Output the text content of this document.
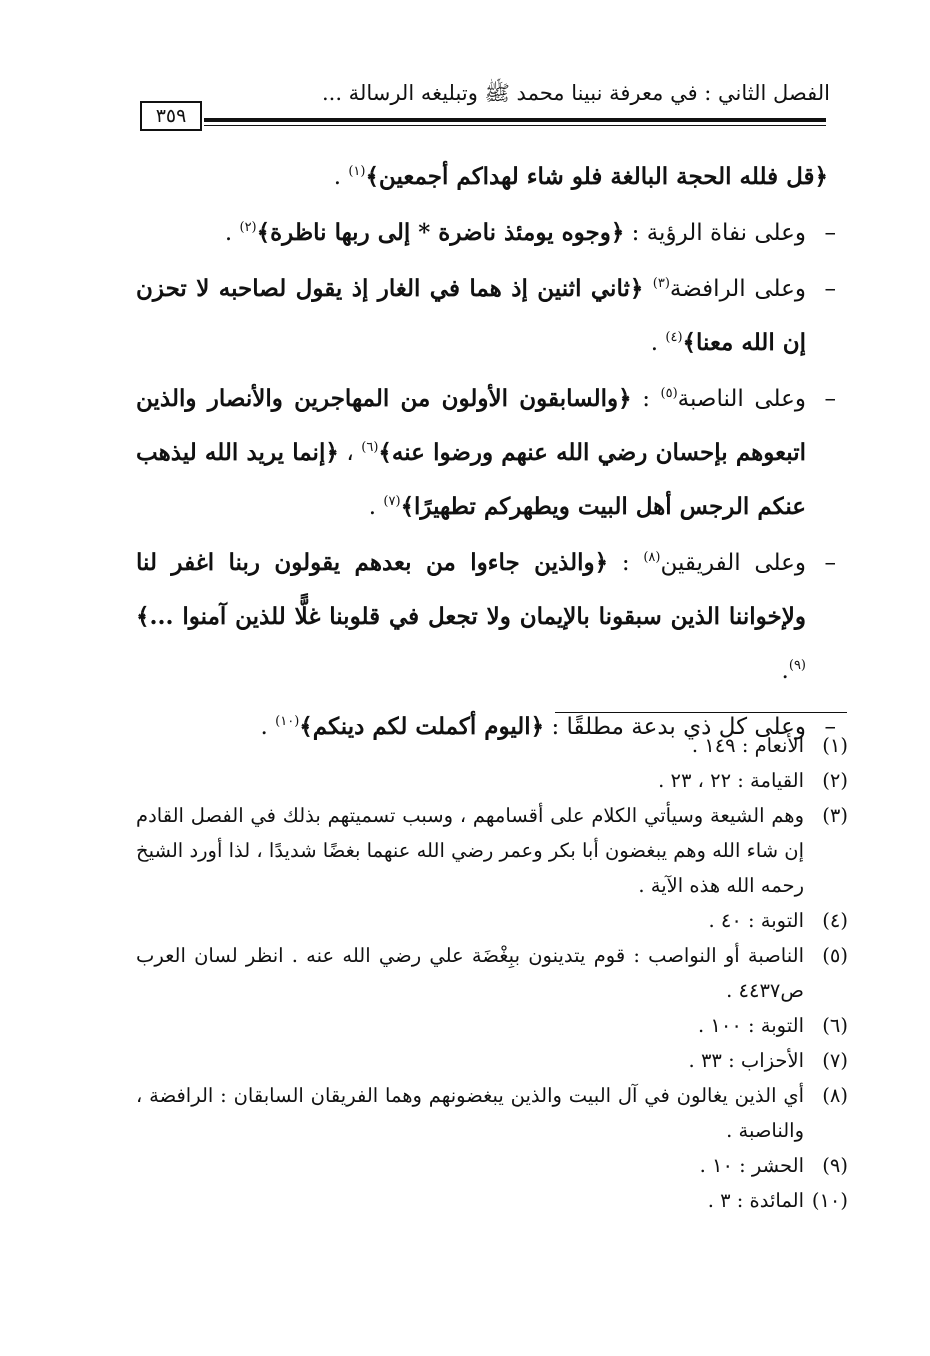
الفصل الثاني : في معرفة نبينا محمد ﷺ وتبليغه الرسالة ...
٣٥٩

﴿قل فلله الحجة البالغة فلو شاء لهداكم أجمعين﴾$^{(١)}$ .

–
وعلى نفاة الرؤية : ﴿وجوه يومئذ ناضرة * إلى ربها ناظرة﴾$^{(٢)}$ .

–
وعلى الرافضة$^{(٣)}$ ﴿ثاني اثنين إذ هما في الغار إذ يقول لصاحبه لا تحزن إن الله معنا﴾$^{(٤)}$ .

–
وعلى الناصبة$^{(٥)}$ : ﴿والسابقون الأولون من المهاجرين والأنصار والذين اتبعوهم بإحسان رضي الله عنهم ورضوا عنه﴾$^{(٦)}$ ، ﴿إنما يريد الله ليذهب عنكم الرجس أهل البيت ويطهركم تطهيرًا﴾$^{(٧)}$ .

–
وعلى الفريقين$^{(٨)}$ : ﴿والذين جاءوا من بعدهم يقولون ربنا اغفر لنا ولإخواننا الذين سبقونا بالإيمان ولا تجعل في قلوبنا غلًّا للذين آمنوا ...﴾$^{(٩)}$.

–
وعلى كل ذي بدعة مطلقًا : ﴿اليوم أكملت لكم دينكم﴾$^{(١٠)}$ .

(١)
الأنعام : ١٤٩ .

(٢)
القيامة : ٢٢ ، ٢٣ .

(٣)
وهم الشيعة وسيأتي الكلام على أقسامهم ، وسبب تسميتهم بذلك في الفصل القادم إن شاء الله وهم يبغضون أبا بكر وعمر رضي الله عنهما بغضًا شديدًا ، لذا أورد الشيخ رحمه الله هذه الآية .

(٤)
التوبة : ٤٠ .

(٥)
الناصبة أو النواصب : قوم يتدينون ببِغْضَة علي رضي الله عنه . انظر لسان العرب ص٤٤٣٧ .

(٦)
التوبة : ١٠٠ .

(٧)
الأحزاب : ٣٣ .

(٨)
أي الذين يغالون في آل البيت والذين يبغضونهم وهما الفريقان السابقان : الرافضة ، والناصبة .

(٩)
الحشر : ١٠ .

(١٠)
المائدة : ٣ .
